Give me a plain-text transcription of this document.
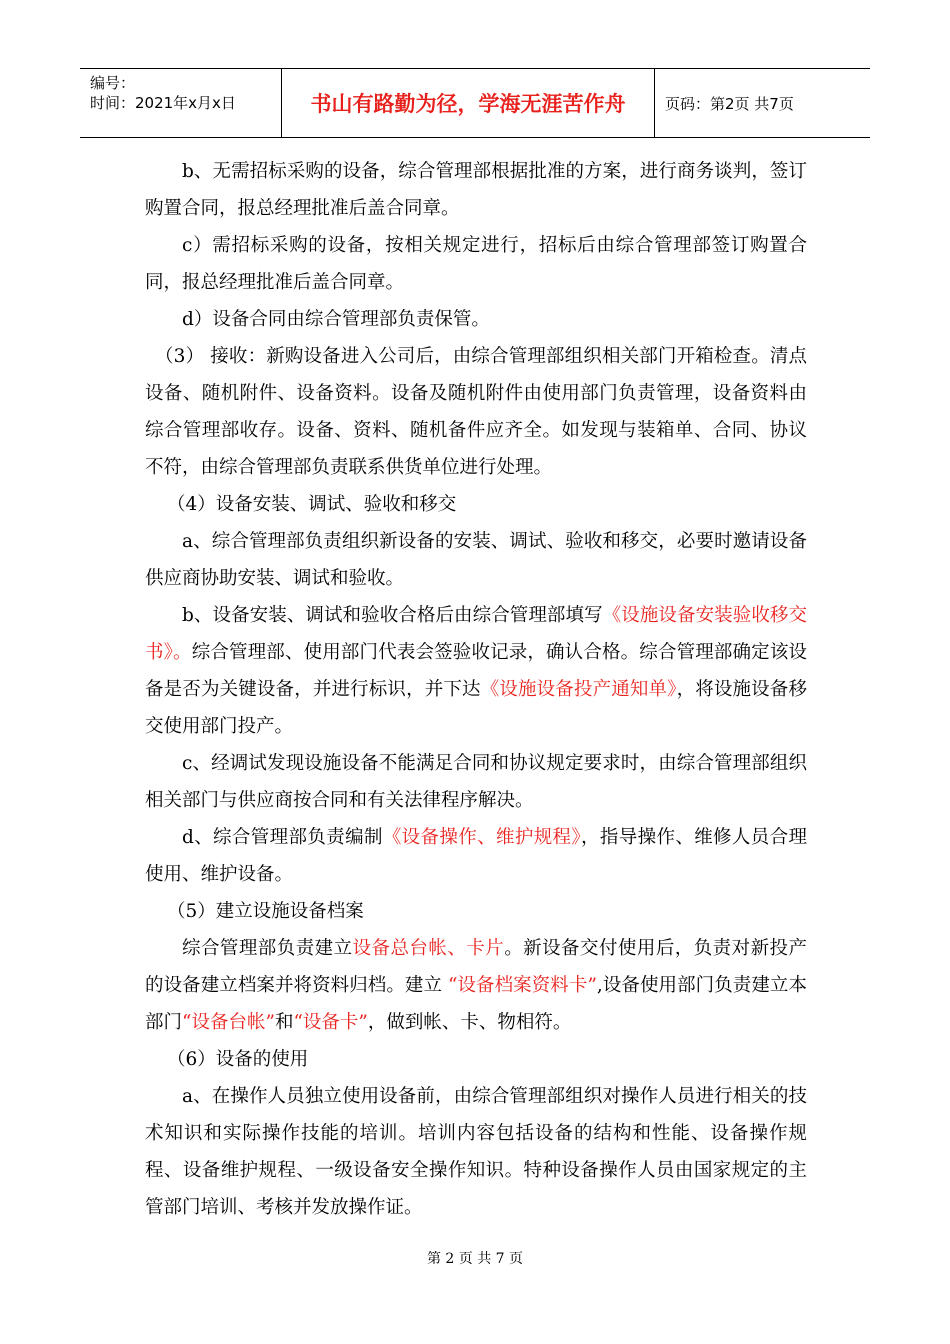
编号：
时间：2021年x月x日	书山有路勤为径，学海无涯苦作舟	页码：第2页 共7页

b、无需招标采购的设备，综合管理部根据批准的方案，进行商务谈判，签订购置合同，报总经理批准后盖合同章。

c）需招标采购的设备，按相关规定进行，招标后由综合管理部签订购置合同，报总经理批准后盖合同章。

d）设备合同由综合管理部负责保管。

（3） 接收：新购设备进入公司后，由综合管理部组织相关部门开箱检查。清点设备、随机附件、设备资料。设备及随机附件由使用部门负责管理，设备资料由综合管理部收存。设备、资料、随机备件应齐全。如发现与装箱单、合同、协议不符，由综合管理部负责联系供货单位进行处理。

（4）设备安装、调试、验收和移交

a、综合管理部负责组织新设备的安装、调试、验收和移交，必要时邀请设备供应商协助安装、调试和验收。

b、设备安装、调试和验收合格后由综合管理部填写《设施设备安装验收移交书》。综合管理部、使用部门代表会签验收记录，确认合格。综合管理部确定该设备是否为关键设备，并进行标识，并下达《设施设备投产通知单》，将设施设备移交使用部门投产。

c、经调试发现设施设备不能满足合同和协议规定要求时，由综合管理部组织相关部门与供应商按合同和有关法律程序解决。

d、综合管理部负责编制《设备操作、维护规程》，指导操作、维修人员合理使用、维护设备。

（5）建立设施设备档案

综合管理部负责建立设备总台帐、卡片。新设备交付使用后，负责对新投产的设备建立档案并将资料归档。建立 “设备档案资料卡”,设备使用部门负责建立本部门“设备台帐”和“设备卡”，做到帐、卡、物相符。

（6）设备的使用

a、在操作人员独立使用设备前，由综合管理部组织对操作人员进行相关的技术知识和实际操作技能的培训。培训内容包括设备的结构和性能、设备操作规程、设备维护规程、一级设备安全操作知识。特种设备操作人员由国家规定的主管部门培训、考核并发放操作证。

第 2 页 共 7 页
